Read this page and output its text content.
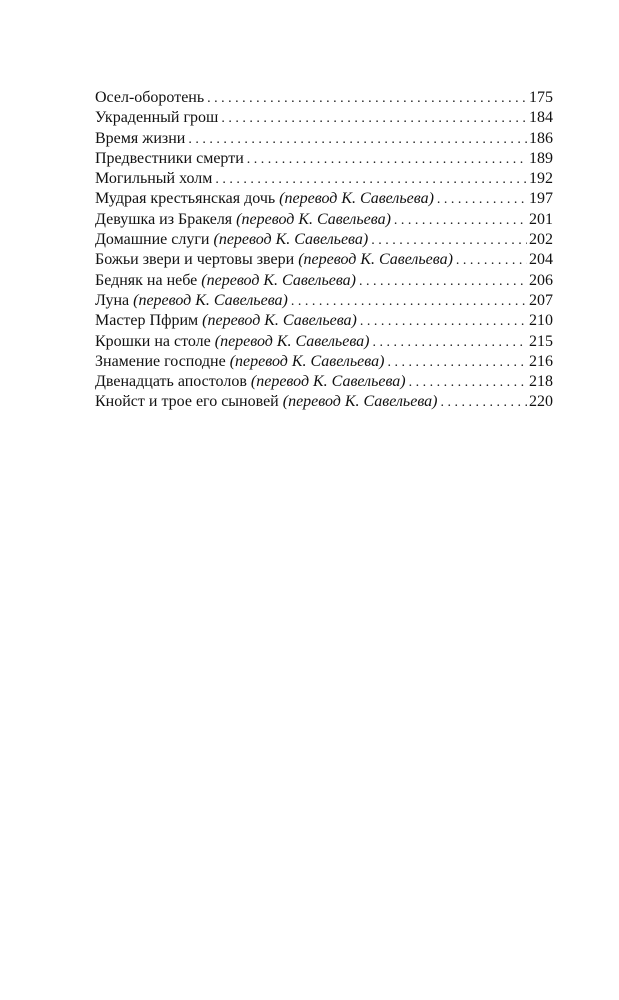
Осел-оборотень . . .	175
Украденный грош . . .	184
Время жизни . . .	186
Предвестники смерти . . .	189
Могильный холм . . .	192
Мудрая крестьянская дочь (перевод К. Савельева) . . .	197
Девушка из Бракеля (перевод К. Савельева) . . .	201
Домашние слуги (перевод К. Савельева) . . .	202
Божьи звери и чертовы звери (перевод К. Савельева) . . .	204
Бедняк на небе (перевод К. Савельева) . . .	206
Луна (перевод К. Савельева) . . .	207
Мастер Пфрим (перевод К. Савельева) . . .	210
Крошки на столе (перевод К. Савельева) . . .	215
Знамение господне (перевод К. Савельева) . . .	216
Двенадцать апостолов (перевод К. Савельева) . . .	218
Кнойст и трое его сыновей (перевод К. Савельева) . . .	220
